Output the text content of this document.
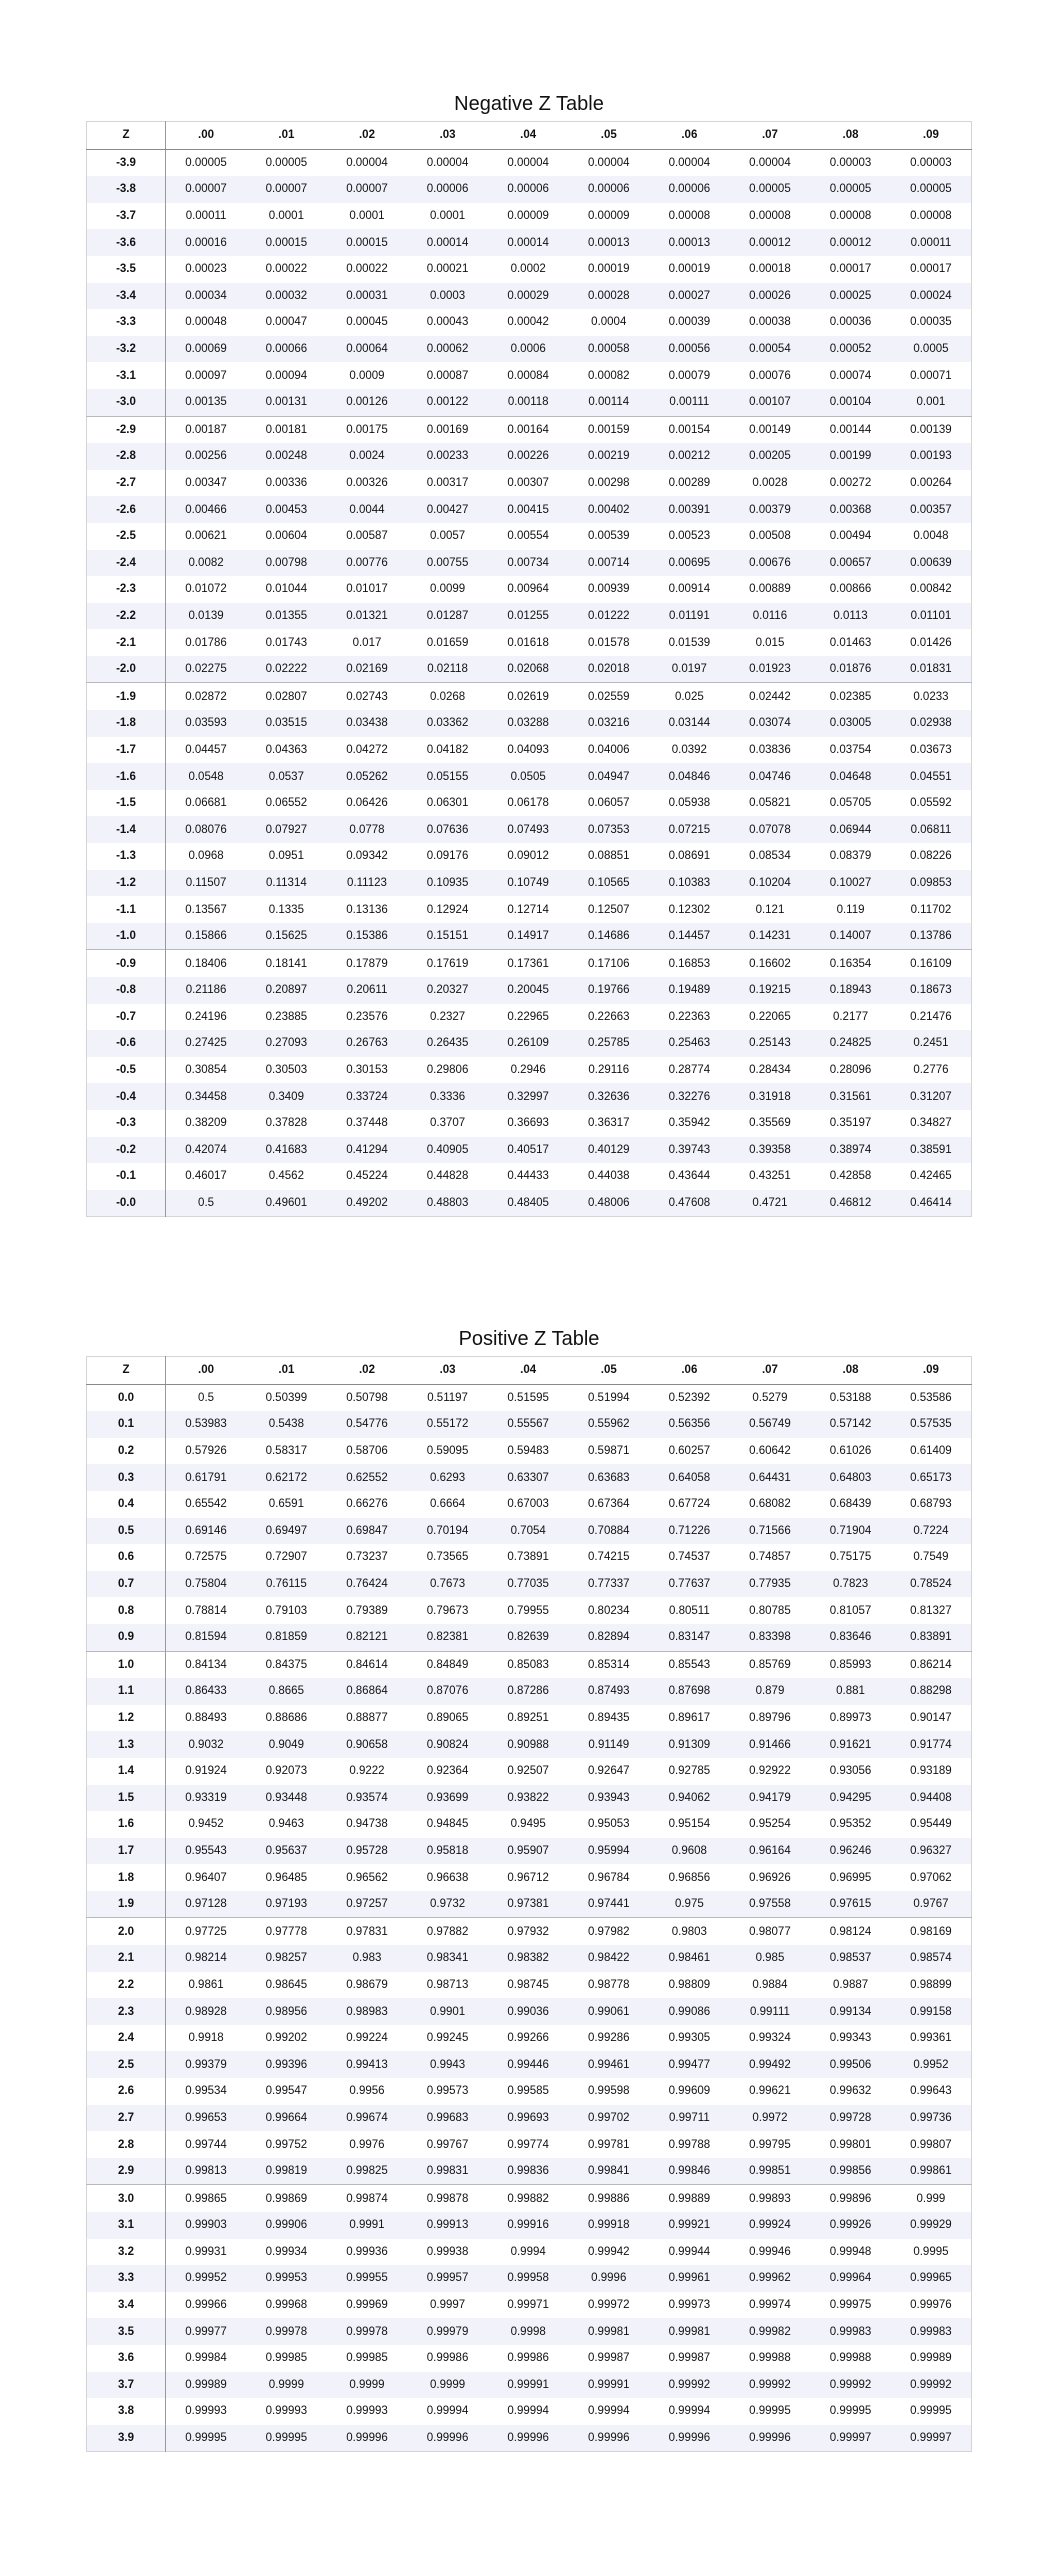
Negative Z Table
Z	.00	.01	.02	.03	.04	.05	.06	.07	.08	.09
-3.9	0.00005	0.00005	0.00004	0.00004	0.00004	0.00004	0.00004	0.00004	0.00003	0.00003
-3.8	0.00007	0.00007	0.00007	0.00006	0.00006	0.00006	0.00006	0.00005	0.00005	0.00005
-3.7	0.00011	0.0001	0.0001	0.0001	0.00009	0.00009	0.00008	0.00008	0.00008	0.00008
-3.6	0.00016	0.00015	0.00015	0.00014	0.00014	0.00013	0.00013	0.00012	0.00012	0.00011
-3.5	0.00023	0.00022	0.00022	0.00021	0.0002	0.00019	0.00019	0.00018	0.00017	0.00017
-3.4	0.00034	0.00032	0.00031	0.0003	0.00029	0.00028	0.00027	0.00026	0.00025	0.00024
-3.3	0.00048	0.00047	0.00045	0.00043	0.00042	0.0004	0.00039	0.00038	0.00036	0.00035
-3.2	0.00069	0.00066	0.00064	0.00062	0.0006	0.00058	0.00056	0.00054	0.00052	0.0005
-3.1	0.00097	0.00094	0.0009	0.00087	0.00084	0.00082	0.00079	0.00076	0.00074	0.00071
-3.0	0.00135	0.00131	0.00126	0.00122	0.00118	0.00114	0.00111	0.00107	0.00104	0.001
-2.9	0.00187	0.00181	0.00175	0.00169	0.00164	0.00159	0.00154	0.00149	0.00144	0.00139
-2.8	0.00256	0.00248	0.0024	0.00233	0.00226	0.00219	0.00212	0.00205	0.00199	0.00193
-2.7	0.00347	0.00336	0.00326	0.00317	0.00307	0.00298	0.00289	0.0028	0.00272	0.00264
-2.6	0.00466	0.00453	0.0044	0.00427	0.00415	0.00402	0.00391	0.00379	0.00368	0.00357
-2.5	0.00621	0.00604	0.00587	0.0057	0.00554	0.00539	0.00523	0.00508	0.00494	0.0048
-2.4	0.0082	0.00798	0.00776	0.00755	0.00734	0.00714	0.00695	0.00676	0.00657	0.00639
-2.3	0.01072	0.01044	0.01017	0.0099	0.00964	0.00939	0.00914	0.00889	0.00866	0.00842
-2.2	0.0139	0.01355	0.01321	0.01287	0.01255	0.01222	0.01191	0.0116	0.0113	0.01101
-2.1	0.01786	0.01743	0.017	0.01659	0.01618	0.01578	0.01539	0.015	0.01463	0.01426
-2.0	0.02275	0.02222	0.02169	0.02118	0.02068	0.02018	0.0197	0.01923	0.01876	0.01831
-1.9	0.02872	0.02807	0.02743	0.0268	0.02619	0.02559	0.025	0.02442	0.02385	0.0233
-1.8	0.03593	0.03515	0.03438	0.03362	0.03288	0.03216	0.03144	0.03074	0.03005	0.02938
-1.7	0.04457	0.04363	0.04272	0.04182	0.04093	0.04006	0.0392	0.03836	0.03754	0.03673
-1.6	0.0548	0.0537	0.05262	0.05155	0.0505	0.04947	0.04846	0.04746	0.04648	0.04551
-1.5	0.06681	0.06552	0.06426	0.06301	0.06178	0.06057	0.05938	0.05821	0.05705	0.05592
-1.4	0.08076	0.07927	0.0778	0.07636	0.07493	0.07353	0.07215	0.07078	0.06944	0.06811
-1.3	0.0968	0.0951	0.09342	0.09176	0.09012	0.08851	0.08691	0.08534	0.08379	0.08226
-1.2	0.11507	0.11314	0.11123	0.10935	0.10749	0.10565	0.10383	0.10204	0.10027	0.09853
-1.1	0.13567	0.1335	0.13136	0.12924	0.12714	0.12507	0.12302	0.121	0.119	0.11702
-1.0	0.15866	0.15625	0.15386	0.15151	0.14917	0.14686	0.14457	0.14231	0.14007	0.13786
-0.9	0.18406	0.18141	0.17879	0.17619	0.17361	0.17106	0.16853	0.16602	0.16354	0.16109
-0.8	0.21186	0.20897	0.20611	0.20327	0.20045	0.19766	0.19489	0.19215	0.18943	0.18673
-0.7	0.24196	0.23885	0.23576	0.2327	0.22965	0.22663	0.22363	0.22065	0.2177	0.21476
-0.6	0.27425	0.27093	0.26763	0.26435	0.26109	0.25785	0.25463	0.25143	0.24825	0.2451
-0.5	0.30854	0.30503	0.30153	0.29806	0.2946	0.29116	0.28774	0.28434	0.28096	0.2776
-0.4	0.34458	0.3409	0.33724	0.3336	0.32997	0.32636	0.32276	0.31918	0.31561	0.31207
-0.3	0.38209	0.37828	0.37448	0.3707	0.36693	0.36317	0.35942	0.35569	0.35197	0.34827
-0.2	0.42074	0.41683	0.41294	0.40905	0.40517	0.40129	0.39743	0.39358	0.38974	0.38591
-0.1	0.46017	0.4562	0.45224	0.44828	0.44433	0.44038	0.43644	0.43251	0.42858	0.42465
-0.0	0.5	0.49601	0.49202	0.48803	0.48405	0.48006	0.47608	0.4721	0.46812	0.46414
Positive Z Table
Z	.00	.01	.02	.03	.04	.05	.06	.07	.08	.09
0.0	0.5	0.50399	0.50798	0.51197	0.51595	0.51994	0.52392	0.5279	0.53188	0.53586
0.1	0.53983	0.5438	0.54776	0.55172	0.55567	0.55962	0.56356	0.56749	0.57142	0.57535
0.2	0.57926	0.58317	0.58706	0.59095	0.59483	0.59871	0.60257	0.60642	0.61026	0.61409
0.3	0.61791	0.62172	0.62552	0.6293	0.63307	0.63683	0.64058	0.64431	0.64803	0.65173
0.4	0.65542	0.6591	0.66276	0.6664	0.67003	0.67364	0.67724	0.68082	0.68439	0.68793
0.5	0.69146	0.69497	0.69847	0.70194	0.7054	0.70884	0.71226	0.71566	0.71904	0.7224
0.6	0.72575	0.72907	0.73237	0.73565	0.73891	0.74215	0.74537	0.74857	0.75175	0.7549
0.7	0.75804	0.76115	0.76424	0.7673	0.77035	0.77337	0.77637	0.77935	0.7823	0.78524
0.8	0.78814	0.79103	0.79389	0.79673	0.79955	0.80234	0.80511	0.80785	0.81057	0.81327
0.9	0.81594	0.81859	0.82121	0.82381	0.82639	0.82894	0.83147	0.83398	0.83646	0.83891
1.0	0.84134	0.84375	0.84614	0.84849	0.85083	0.85314	0.85543	0.85769	0.85993	0.86214
1.1	0.86433	0.8665	0.86864	0.87076	0.87286	0.87493	0.87698	0.879	0.881	0.88298
1.2	0.88493	0.88686	0.88877	0.89065	0.89251	0.89435	0.89617	0.89796	0.89973	0.90147
1.3	0.9032	0.9049	0.90658	0.90824	0.90988	0.91149	0.91309	0.91466	0.91621	0.91774
1.4	0.91924	0.92073	0.9222	0.92364	0.92507	0.92647	0.92785	0.92922	0.93056	0.93189
1.5	0.93319	0.93448	0.93574	0.93699	0.93822	0.93943	0.94062	0.94179	0.94295	0.94408
1.6	0.9452	0.9463	0.94738	0.94845	0.9495	0.95053	0.95154	0.95254	0.95352	0.95449
1.7	0.95543	0.95637	0.95728	0.95818	0.95907	0.95994	0.9608	0.96164	0.96246	0.96327
1.8	0.96407	0.96485	0.96562	0.96638	0.96712	0.96784	0.96856	0.96926	0.96995	0.97062
1.9	0.97128	0.97193	0.97257	0.9732	0.97381	0.97441	0.975	0.97558	0.97615	0.9767
2.0	0.97725	0.97778	0.97831	0.97882	0.97932	0.97982	0.9803	0.98077	0.98124	0.98169
2.1	0.98214	0.98257	0.983	0.98341	0.98382	0.98422	0.98461	0.985	0.98537	0.98574
2.2	0.9861	0.98645	0.98679	0.98713	0.98745	0.98778	0.98809	0.9884	0.9887	0.98899
2.3	0.98928	0.98956	0.98983	0.9901	0.99036	0.99061	0.99086	0.99111	0.99134	0.99158
2.4	0.9918	0.99202	0.99224	0.99245	0.99266	0.99286	0.99305	0.99324	0.99343	0.99361
2.5	0.99379	0.99396	0.99413	0.9943	0.99446	0.99461	0.99477	0.99492	0.99506	0.9952
2.6	0.99534	0.99547	0.9956	0.99573	0.99585	0.99598	0.99609	0.99621	0.99632	0.99643
2.7	0.99653	0.99664	0.99674	0.99683	0.99693	0.99702	0.99711	0.9972	0.99728	0.99736
2.8	0.99744	0.99752	0.9976	0.99767	0.99774	0.99781	0.99788	0.99795	0.99801	0.99807
2.9	0.99813	0.99819	0.99825	0.99831	0.99836	0.99841	0.99846	0.99851	0.99856	0.99861
3.0	0.99865	0.99869	0.99874	0.99878	0.99882	0.99886	0.99889	0.99893	0.99896	0.999
3.1	0.99903	0.99906	0.9991	0.99913	0.99916	0.99918	0.99921	0.99924	0.99926	0.99929
3.2	0.99931	0.99934	0.99936	0.99938	0.9994	0.99942	0.99944	0.99946	0.99948	0.9995
3.3	0.99952	0.99953	0.99955	0.99957	0.99958	0.9996	0.99961	0.99962	0.99964	0.99965
3.4	0.99966	0.99968	0.99969	0.9997	0.99971	0.99972	0.99973	0.99974	0.99975	0.99976
3.5	0.99977	0.99978	0.99978	0.99979	0.9998	0.99981	0.99981	0.99982	0.99983	0.99983
3.6	0.99984	0.99985	0.99985	0.99986	0.99986	0.99987	0.99987	0.99988	0.99988	0.99989
3.7	0.99989	0.9999	0.9999	0.9999	0.99991	0.99991	0.99992	0.99992	0.99992	0.99992
3.8	0.99993	0.99993	0.99993	0.99994	0.99994	0.99994	0.99994	0.99995	0.99995	0.99995
3.9	0.99995	0.99995	0.99996	0.99996	0.99996	0.99996	0.99996	0.99996	0.99997	0.99997
